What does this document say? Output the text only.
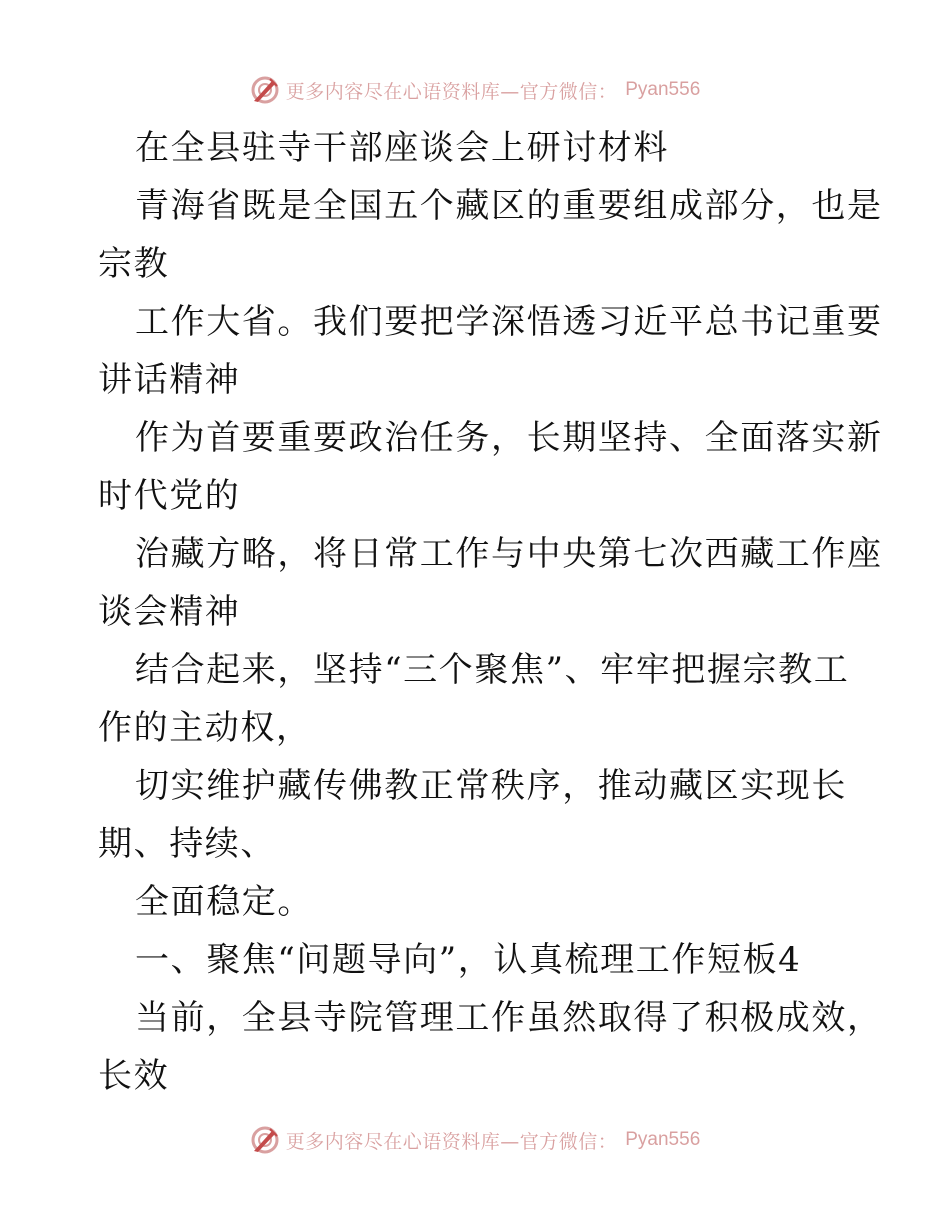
更多内容尽在心语资料库—官方微信： Pyan556
在全县驻寺干部座谈会上研讨材料
青海省既是全国五个藏区的重要组成部分，也是
宗教
工作大省。我们要把学深悟透习近平总书记重要
讲话精神
作为首要重要政治任务，长期坚持、全面落实新
时代党的
治藏方略，将日常工作与中央第七次西藏工作座
谈会精神
结合起来，坚持“三个聚焦”、牢牢把握宗教工
作的主动权，
切实维护藏传佛教正常秩序，推动藏区实现长
期、持续、
全面稳定。
一、聚焦“问题导向”，认真梳理工作短板4
当前，全县寺院管理工作虽然取得了积极成效，
长效
更多内容尽在心语资料库—官方微信： Pyan556
